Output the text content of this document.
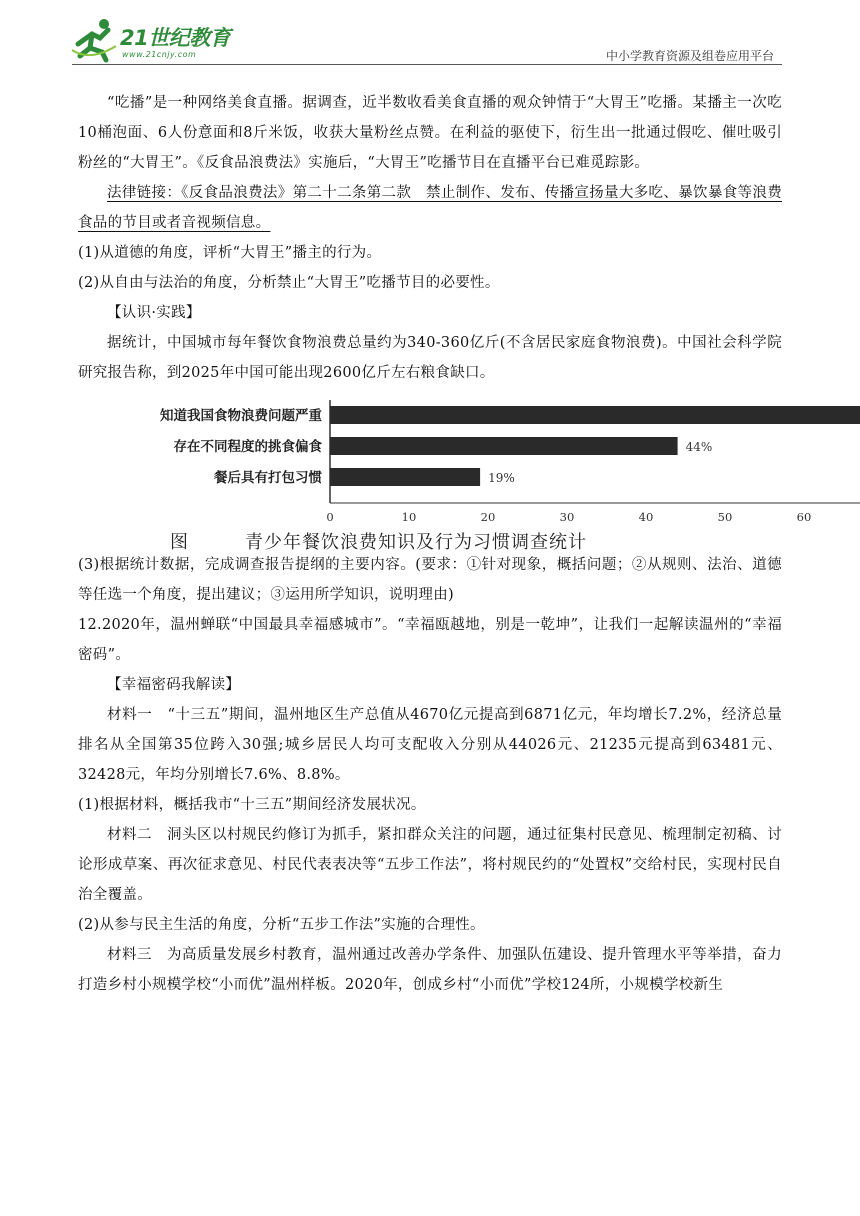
21世纪教育
www.21cnjy.com	中小学教育资源及组卷应用平台

“吃播”是一种网络美食直播。据调查，近半数收看美食直播的观众钟情于“大胃王”吃播。某播主一次吃10桶泡面、6人份意面和8斤米饭，收获大量粉丝点赞。在利益的驱使下，衍生出一批通过假吃、催吐吸引粉丝的“大胃王”。《反食品浪费法》实施后，“大胃王”吃播节目在直播平台已难觅踪影。

法律链接：《反食品浪费法》第二十二条第二款　禁止制作、发布、传播宣扬量大多吃、暴饮暴食等浪费食品的节目或者音视频信息。

(1)从道德的角度，评析“大胃王”播主的行为。

(2)从自由与法治的角度，分析禁止“大胃王”吃播节目的必要性。

【认识·实践】

据统计，中国城市每年餐饮食物浪费总量约为340-360亿斤(不含居民家庭食物浪费)。中国社会科学院研究报告称，到2025年中国可能出现2600亿斤左右粮食缺口。

知道我国食物浪费问题严重
存在不同程度的挑食偏食	44%
餐后具有打包习惯	19%
0	10	20	30	40	50	60
图	青少年餐饮浪费知识及行为习惯调查统计

(3)根据统计数据，完成调查报告提纲的主要内容。(要求：①针对现象，概括问题；②从规则、法治、道德等任选一个角度，提出建议；③运用所学知识，说明理由)

12.2020年，温州蝉联“中国最具幸福感城市”。“幸福瓯越地，别是一乾坤”，让我们一起解读温州的“幸福密码”。

【幸福密码我解读】

材料一　“十三五”期间，温州地区生产总值从4670亿元提高到6871亿元，年均增长7.2%，经济总量排名从全国第35位跨入30强;城乡居民人均可支配收入分别从44026元、21235元提高到63481元、32428元，年均分别增长7.6%、8.8%。

(1)根据材料，概括我市“十三五”期间经济发展状况。

材料二　洞头区以村规民约修订为抓手，紧扣群众关注的问题，通过征集村民意见、梳理制定初稿、讨论形成草案、再次征求意见、村民代表表决等“五步工作法”，将村规民约的“处置权”交给村民，实现村民自治全覆盖。

(2)从参与民主生活的角度，分析“五步工作法”实施的合理性。

材料三　为高质量发展乡村教育，温州通过改善办学条件、加强队伍建设、提升管理水平等举措，奋力打造乡村小规模学校“小而优”温州样板。2020年，创成乡村“小而优”学校124所，小规模学校新生
